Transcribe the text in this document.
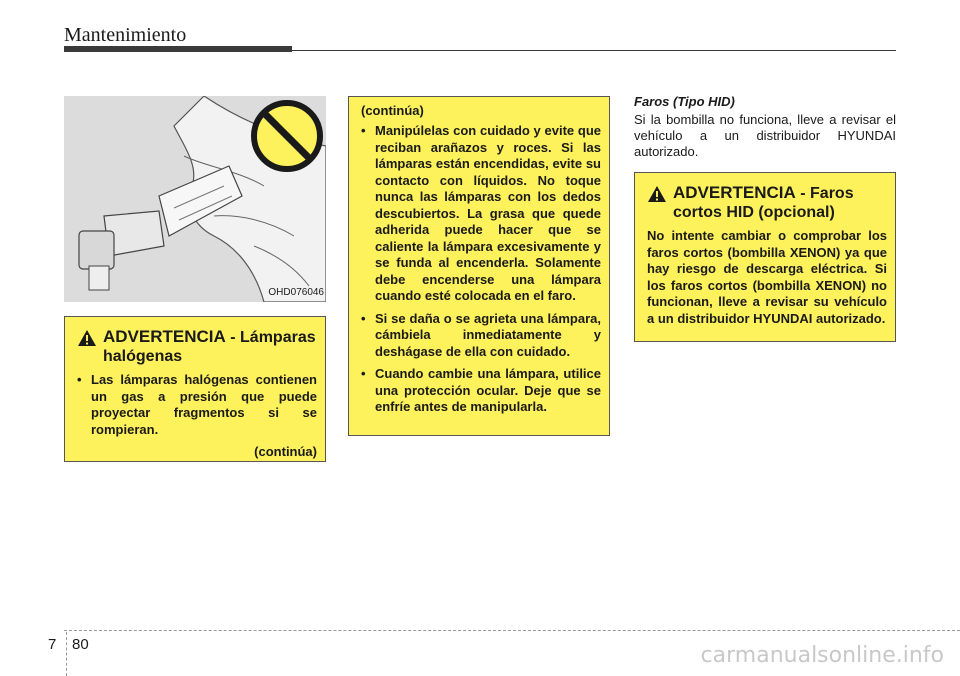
Mantenimiento
OHD076046
ADVERTENCIA - Lámparas halógenas
• Las lámparas halógenas contienen un gas a presión que puede proyectar fragmentos si se rompieran.
(continúa)
(continúa)
• Manipúlelas con cuidado y evite que reciban arañazos y roces. Si las lámparas están encendidas, evite su contacto con líquidos. No toque nunca las lámparas con los dedos descubiertos. La grasa que quede adherida puede hacer que se caliente la lámpara excesivamente y se funda al encenderla. Solamente debe encenderse una lámpara cuando esté colocada en el faro.
• Si se daña o se agrieta una lámpara, cámbiela inmediatamente y deshágase de ella con cuidado.
• Cuando cambie una lámpara, utilice una protección ocular. Deje que se enfríe antes de manipularla.
Faros (Tipo HID)
Si la bombilla no funciona, lleve a revisar el vehículo a un distribuidor HYUNDAI autorizado.
ADVERTENCIA - Faros cortos HID (opcional)
No intente cambiar o comprobar los faros cortos (bombilla XENON) ya que hay riesgo de descarga eléctrica. Si los faros cortos (bombilla XENON) no funcionan, lleve a revisar su vehículo a un distribuidor HYUNDAI autorizado.
7 80	carmanualsonline.info
